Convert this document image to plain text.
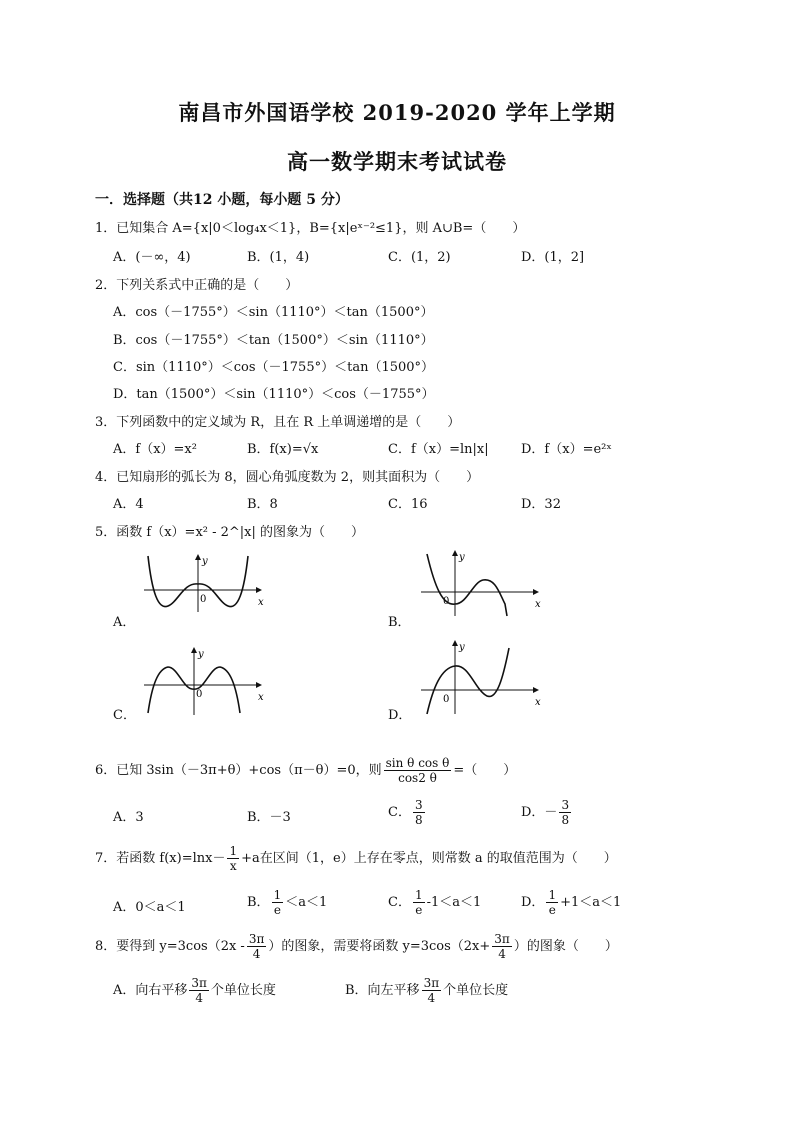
南昌市外国语学校 2019-2020 学年上学期
高一数学期末考试试卷
一．选择题（共12 小题，每小题 5 分）
1．已知集合 A={x|0＜log₄x＜1}，B={x|eˣ⁻²≤1}，则 A∪B=（　　）
A．(－∞，4)	B．(1，4)	C．(1，2)	D．(1，2]
2．下列关系式中正确的是（　　）
A．cos（－1755°）＜sin（1110°）＜tan（1500°）
B．cos（－1755°）＜tan（1500°）＜sin（1110°）
C．sin（1110°）＜cos（－1755°）＜tan（1500°）
D．tan（1500°）＜sin（1110°）＜cos（－1755°）
3．下列函数中的定义域为 R，且在 R 上单调递增的是（　　）
A．f（x）=x²	B．f(x)=√x	C．f（x）=ln|x| D．f（x）=e²ˣ
4．已知扇形的弧长为 8，圆心角弧度数为 2，则其面积为（　　）
A．4	B．8	C．16	D．32
5．函数 f（x）=x² - 2^|x| 的图象为（　　）
A．
y
x
0
B．
y
x
0
C．
y
x
0
D．
y
x
0
6．已知 3sin（－3π+θ）+cos（π－θ）=0，则 $\frac{\text{sin θ cos θ}}{\cos 2 \theta}$ =（　　）
A．3	B．－3	C． $\frac{3}{8}$	D．－ $\frac{3}{8}$
7．若函数 $f(x)=\ln x- \frac{1}{x} +a$在区间（1，e）上存在零点，则常数 a 的取值范围为（　　）
A．0＜a＜1	B． $\frac{1}{e} <a<1$	C． $\frac{1}{e} -1<a<1$	D． $\frac{1}{e} +1<a<1$
8．要得到 $y=3\cos(2x - \frac{3\pi}{4}$ ）的图象，需要将函数 $y=3\cos(2x+ \frac{3\pi}{4}$ ）的图象（　　）
A．向右平移 $\frac{3\pi}{4}$ 个单位长度	B．向左平移 $\frac{3\pi}{4}$ 个单位长度
